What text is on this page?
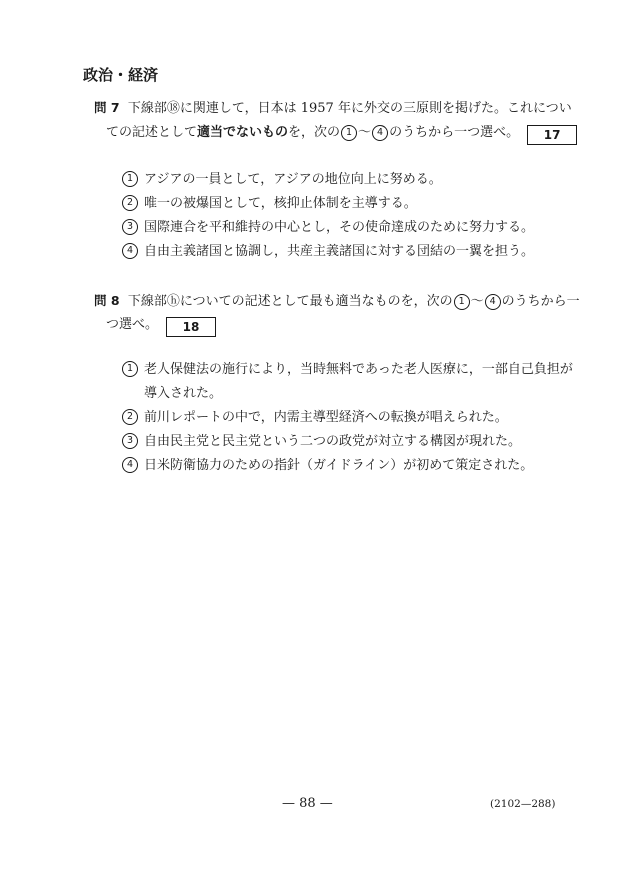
政治・経済
問 7 下線部⑱に関連して，日本は 1957 年に外交の三原則を掲げた。これについ
ての記述として適当でないものを，次の 1 ～ 4 のうちから一つ選べ。 17
1 アジアの一員として，アジアの地位向上に努める。
2 唯一の被爆国として，核抑止体制を主導する。
3 国際連合を平和維持の中心とし，その使命達成のために努力する。
4 自由主義諸国と協調し，共産主義諸国に対する団結の一翼を担う。
問 8 下線部ⓗについての記述として最も適当なものを，次の 1 ～ 4 のうちから一
つ選べ。 18
1 老人保健法の施行により，当時無料であった老人医療に，一部自己負担が
導入された。
2 前川レポートの中で，内需主導型経済への転換が唱えられた。
3 自由民主党と民主党という二つの政党が対立する構図が現れた。
4 日米防衛協力のための指針（ガイドライン）が初めて策定された。
— 88 —	(2102—288)
